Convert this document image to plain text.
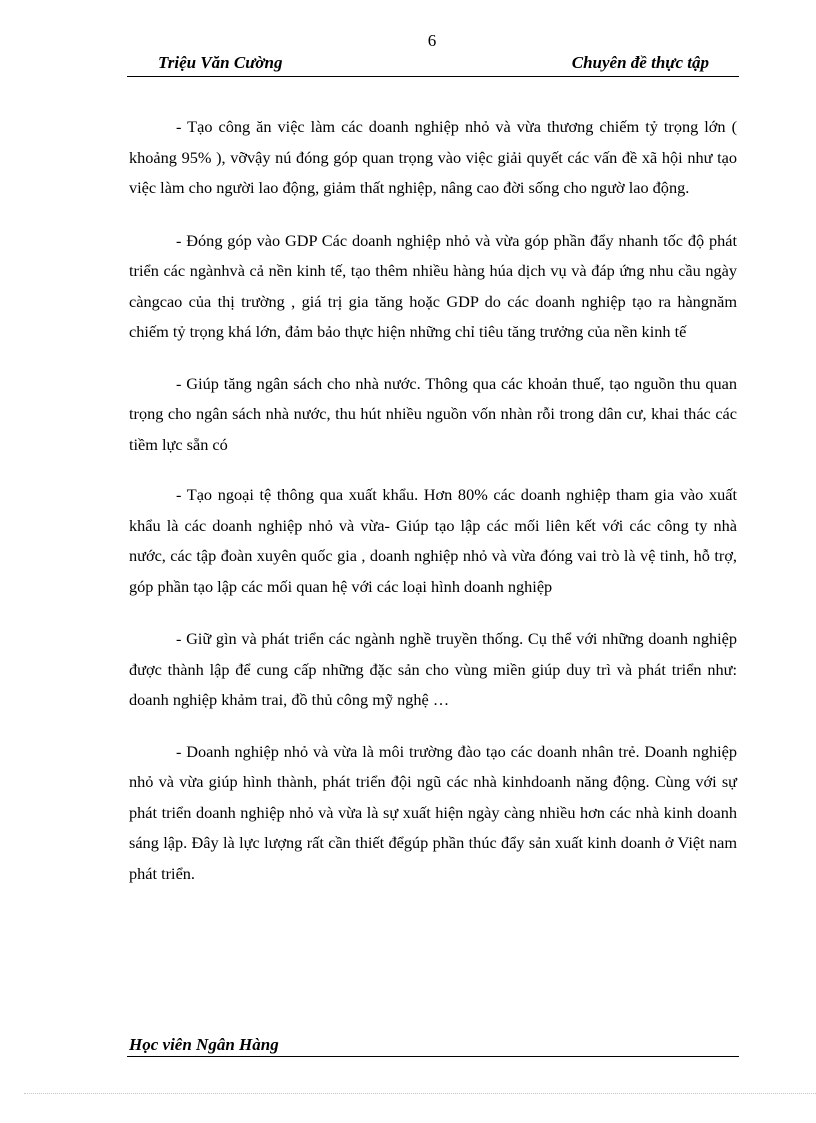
6
Triệu Văn Cường	Chuyên đề thực tập

- Tạo công ăn việc làm các doanh nghiệp nhỏ và vừa thương chiếm tỷ trọng lớn ( khoảng 95% ), vỡvậy nú đóng góp quan trọng vào việc giải quyết các vấn đề xã hội như tạo việc làm cho người lao động, giảm thất nghiệp, nâng cao đời sống cho ngườ lao động.

- Đóng góp vào GDP Các doanh nghiệp nhỏ và vừa góp phần đẩy nhanh tốc độ phát triển các ngànhvà cả nền kinh tế, tạo thêm nhiều hàng húa dịch vụ và đáp ứng nhu cầu ngày càngcao của thị trường , giá trị gia tăng hoặc GDP do các doanh nghiệp tạo ra hàngnăm chiếm tỷ trọng khá lớn, đảm bảo thực hiện những chỉ tiêu tăng trưởng của nền kinh tế

- Giúp tăng ngân sách cho nhà nước. Thông qua các khoản thuế, tạo nguồn thu quan trọng cho ngân sách nhà nước, thu hút nhiều nguồn vốn nhàn rỗi trong dân cư, khai thác các tiềm lực sẵn có

- Tạo ngoại tệ thông qua xuất khẩu. Hơn 80% các doanh nghiệp tham gia vào xuất khẩu là các doanh nghiệp nhỏ và vừa- Giúp tạo lập các mối liên kết với các công ty nhà nước, các tập đoàn xuyên quốc gia , doanh nghiệp nhỏ và vừa đóng vai trò là vệ tinh, hỗ trợ, góp phần tạo lập các mối quan hệ với các loại hình doanh nghiệp

- Giữ gìn và phát triển các ngành nghề truyền thống. Cụ thể với những doanh nghiệp được thành lập để cung cấp những đặc sản cho vùng miền giúp duy trì và phát triển như: doanh nghiệp khảm trai, đồ thủ công mỹ nghệ …

- Doanh nghiệp nhỏ và vừa là môi trường đào tạo các doanh nhân trẻ. Doanh nghiệp nhỏ và vừa giúp hình thành, phát triển đội ngũ các nhà kinhdoanh năng động. Cùng với sự phát triển doanh nghiệp nhỏ và vừa là sự xuất hiện ngày càng nhiều hơn các nhà kinh doanh sáng lập. Đây là lực lượng rất cần thiết đểgúp phần thúc đẩy sản xuất kinh doanh ở Việt nam phát triển.

Học viên Ngân Hàng
